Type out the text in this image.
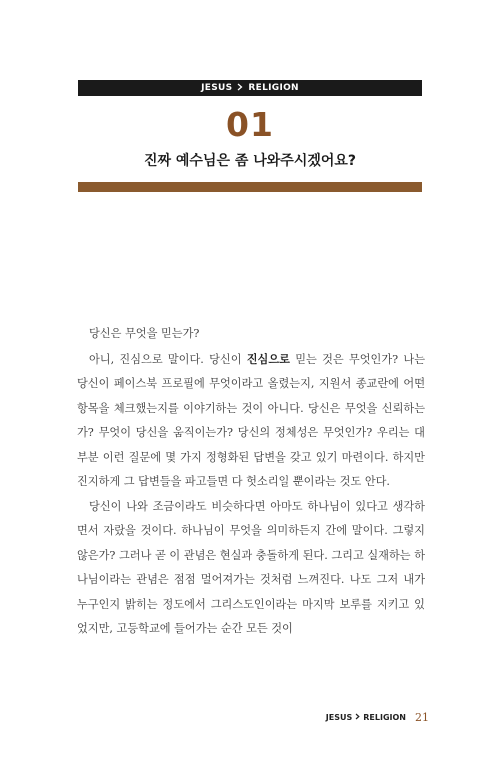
JESUS RELIGION
01
진짜 예수님은 좀 나와주시겠어요?

당신은 무엇을 믿는가?

아니, 진심으로 말이다. 당신이 진심으로 믿는 것은 무엇인가? 나는 당신이 페이스북 프로필에 무엇이라고 올렸는지, 지원서 종교란에 어떤 항목을 체크했는지를 이야기하는 것이 아니다. 당신은 무엇을 신뢰하는가? 무엇이 당신을 움직이는가? 당신의 정체성은 무엇인가? 우리는 대부분 이런 질문에 몇 가지 정형화된 답변을 갖고 있기 마련이다. 하지만 진지하게 그 답변들을 파고들면 다 헛소리일 뿐이라는 것도 안다.

당신이 나와 조금이라도 비슷하다면 아마도 하나님이 있다고 생각하면서 자랐을 것이다. 하나님이 무엇을 의미하든지 간에 말이다. 그렇지 않은가? 그러나 곧 이 관념은 현실과 충돌하게 된다. 그리고 실재하는 하나님이라는 관념은 점점 멀어져가는 것처럼 느껴진다. 나도 그저 내가 누구인지 밝히는 정도에서 그리스도인이라는 마지막 보루를 지키고 있었지만, 고등학교에 들어가는 순간 모든 것이

JESUS RELIGION 21
